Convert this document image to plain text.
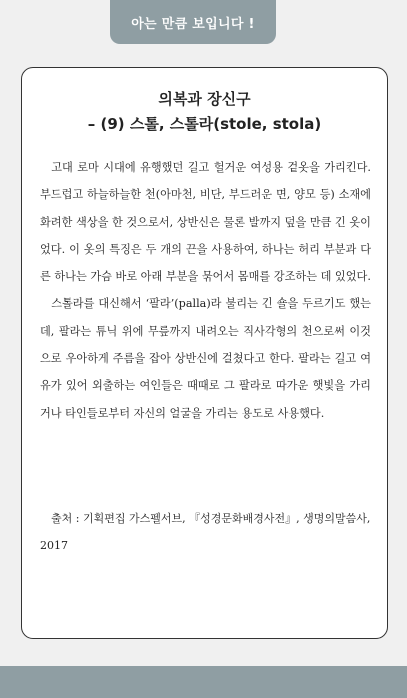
아는 만큼 보입니다 !
의복과 장신구
– (9) 스톨, 스톨라(stole, stola)

고대 로마 시대에 유행했던 길고 헐거운 여성용 겉옷을 가리킨다. 부드럽고 하늘하늘한 천(아마천, 비단, 부드러운 면, 양모 등) 소재에 화려한 색상을 한 것으로서, 상반신은 물론 발까지 덮을 만큼 긴 옷이었다. 이 옷의 특징은 두 개의 끈을 사용하여, 하나는 허리 부분과 다른 하나는 가슴 바로 아래 부분을 묶어서 몸매를 강조하는 데 있었다.

스톨라를 대신해서 ‘팔라’(palla)라 불리는 긴 숄을 두르기도 했는데, 팔라는 튜닉 위에 무릎까지 내려오는 직사각형의 천으로써 이것으로 우아하게 주름을 잡아 상반신에 걸쳤다고 한다. 팔라는 길고 여유가 있어 외출하는 여인들은 때때로 그 팔라로 따가운 햇빛을 가리거나 타인들로부터 자신의 얼굴을 가리는 용도로 사용했다.

출처 : 기획편집 가스펠서브, 『성경문화배경사전』, 생명의말씀사, 2017
